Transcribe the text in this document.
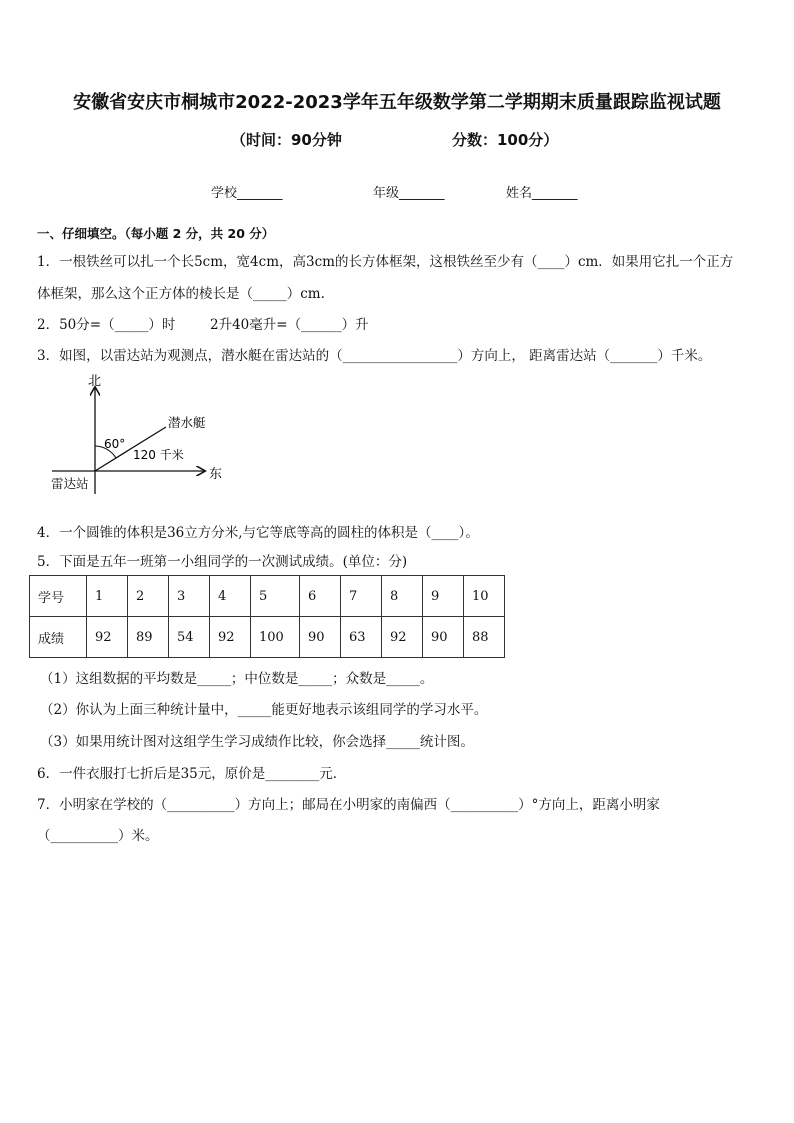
安徽省安庆市桐城市2022-2023学年五年级数学第二学期期末质量跟踪监视试题
（时间：90分钟	分数：100分）
学校_______	年级_______	姓名_______
一、仔细填空。（每小题 2 分，共 20 分）
1．一根铁丝可以扎一个长5cm，宽4cm，高3cm的长方体框架，这根铁丝至少有（____）cm．如果用它扎一个正方
体框架，那么这个正方体的棱长是（_____）cm.
2．50分=（_____）时	2升40毫升=（______）升
3．如图，以雷达站为观测点，潜水艇在雷达站的（_________________）方向上， 距离雷达站（_______）千米。
北
东
雷达站
潜水艇
60°
120 千米
4．一个圆锥的体积是36立方分米,与它等底等高的圆柱的体积是（____）。
5．下面是五年一班第一小组同学的一次测试成绩。(单位：分)
学号	1	2	3	4	5	6	7	8	9	10
成绩	92	89	54	92	100	90	63	92	90	88
（1）这组数据的平均数是_____；中位数是_____；众数是_____。
（2）你认为上面三种统计量中，_____能更好地表示该组同学的学习水平。
（3）如果用统计图对这组学生学习成绩作比较，你会选择_____统计图。
6．一件衣服打七折后是35元，原价是________元．
7．小明家在学校的（__________）方向上；邮局在小明家的南偏西（__________）°方向上，距离小明家
（__________）米。
